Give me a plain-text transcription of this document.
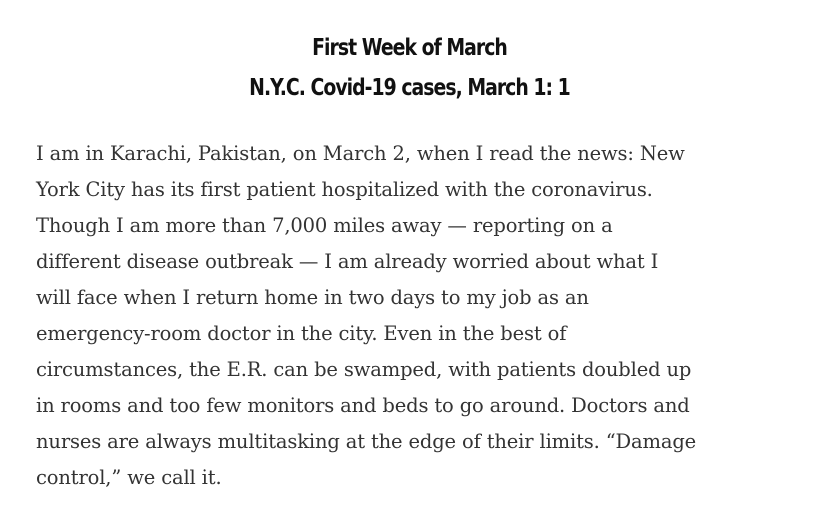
First Week of March
N.Y.C. Covid-19 cases, March 1: 1

I am in Karachi, Pakistan, on March 2, when I read the news: New
York City has its first patient hospitalized with the coronavirus.
Though I am more than 7,000 miles away — reporting on a
different disease outbreak — I am already worried about what I
will face when I return home in two days to my job as an
emergency-room doctor in the city. Even in the best of
circumstances, the E.R. can be swamped, with patients doubled up
in rooms and too few monitors and beds to go around. Doctors and
nurses are always multitasking at the edge of their limits. “Damage
control,” we call it.
